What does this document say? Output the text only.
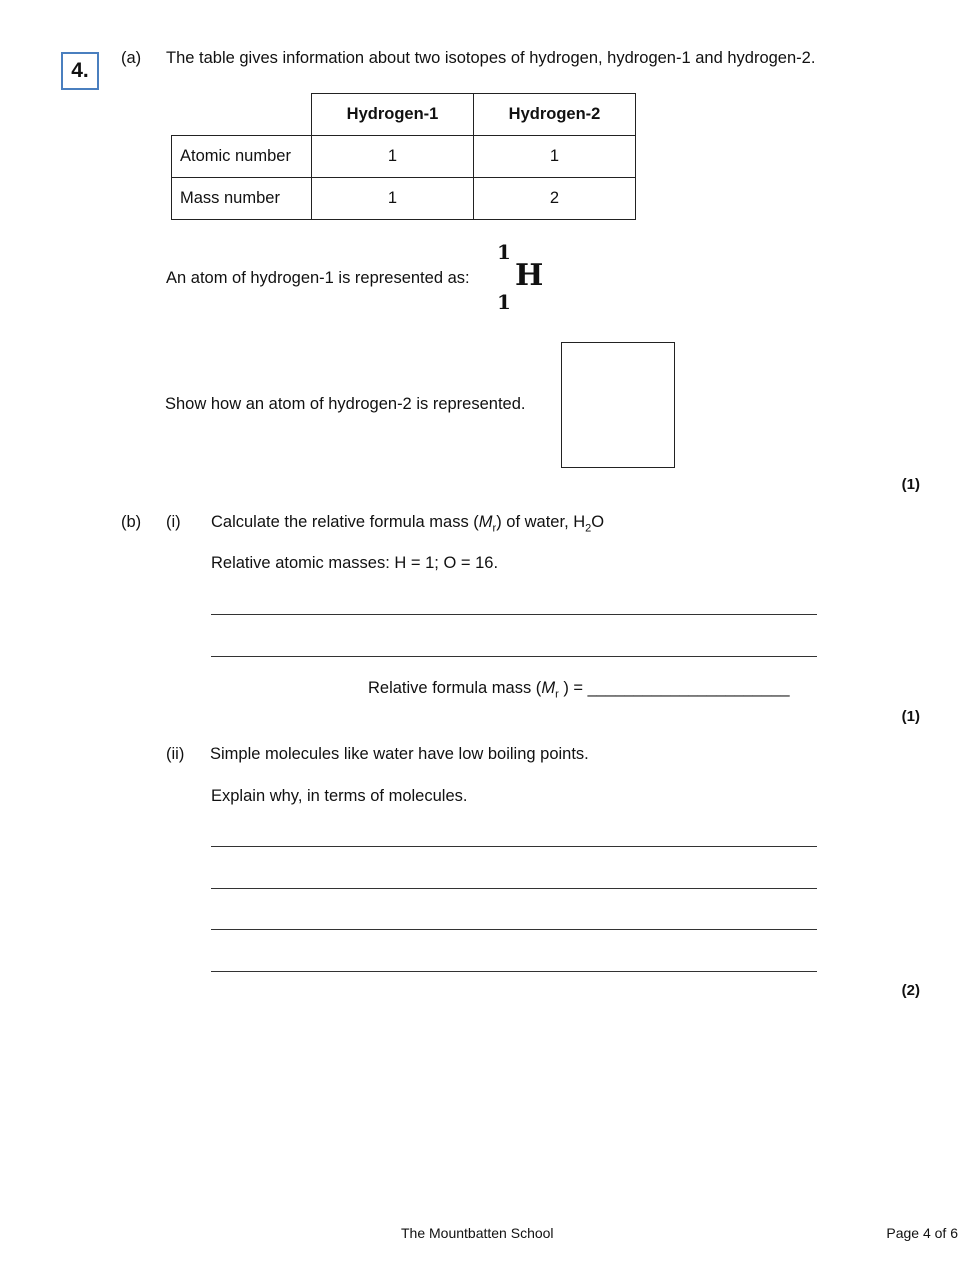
4.
(a) The table gives information about two isotopes of hydrogen, hydrogen-1 and hydrogen-2.
	Hydrogen-1	Hydrogen-2
Atomic number	1	1
Mass number	1	2
An atom of hydrogen-1 is represented as:
1
H
1
Show how an atom of hydrogen-2 is represented.
(1)
(b) (i) Calculate the relative formula mass $(M_r)$ of water, $H_2O$
Relative atomic masses: H = 1; O = 16.
Relative formula mass ($M_r$ ) = ______________________
(1)
(ii) Simple molecules like water have low boiling points.
Explain why, in terms of molecules.
(2)
The Mountbatten School	Page 4 of 6
